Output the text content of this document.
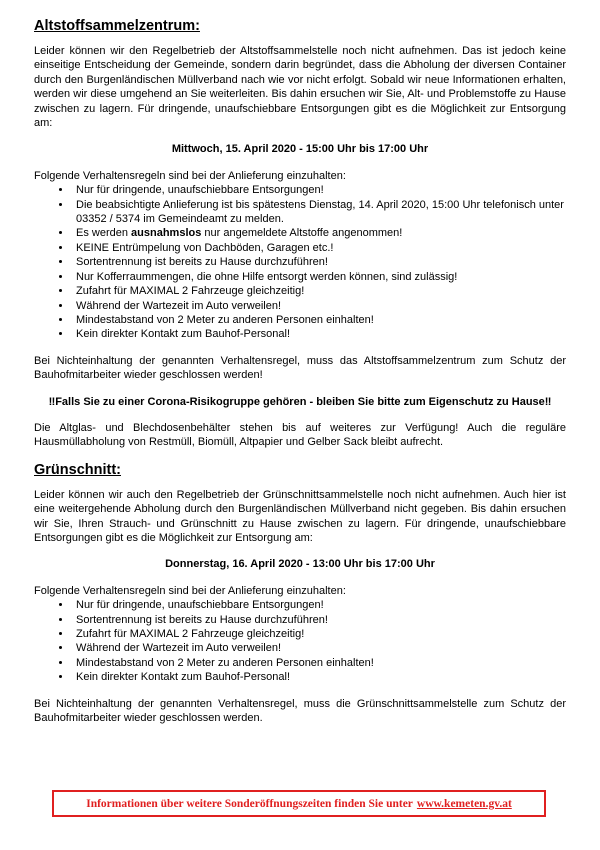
Altstoffsammelzentrum:

Leider können wir den Regelbetrieb der Altstoffsammelstelle noch nicht aufnehmen. Das ist jedoch keine einseitige Entscheidung der Gemeinde, sondern darin begründet, dass die Abholung der diversen Container durch den Burgenländischen Müllverband nach wie vor nicht erfolgt. Sobald wir neue Informationen erhalten, werden wir diese umgehend an Sie weiterleiten. Bis dahin ersuchen wir Sie, Alt- und Problemstoffe zu Hause zwischen zu lagern. Für dringende, unaufschiebbare Entsorgungen gibt es die Möglichkeit zur Entsorgung am:

Mittwoch, 15. April 2020 - 15:00 Uhr bis 17:00 Uhr

Folgende Verhaltensregeln sind bei der Anlieferung einzuhalten:

• Nur für dringende, unaufschiebbare Entsorgungen!
• Die beabsichtigte Anlieferung ist bis spätestens Dienstag, 14. April 2020, 15:00 Uhr telefonisch unter 03352 / 5374 im Gemeindeamt zu melden.
• Es werden ausnahmslos nur angemeldete Altstoffe angenommen!
• KEINE Entrümpelung von Dachböden, Garagen etc.!
• Sortentrennung ist bereits zu Hause durchzuführen!
• Nur Kofferraummengen, die ohne Hilfe entsorgt werden können, sind zulässig!
• Zufahrt für MAXIMAL 2 Fahrzeuge gleichzeitig!
• Während der Wartezeit im Auto verweilen!
• Mindestabstand von 2 Meter zu anderen Personen einhalten!
• Kein direkter Kontakt zum Bauhof-Personal!

Bei Nichteinhaltung der genannten Verhaltensregel, muss das Altstoffsammelzentrum zum Schutz der Bauhofmitarbeiter wieder geschlossen werden!

‼Falls Sie zu einer Corona-Risikogruppe gehören - bleiben Sie bitte zum Eigenschutz zu Hause‼

Die Altglas- und Blechdosenbehälter stehen bis auf weiteres zur Verfügung! Auch die reguläre Hausmüllabholung von Restmüll, Biomüll, Altpapier und Gelber Sack bleibt aufrecht.

Grünschnitt:

Leider können wir auch den Regelbetrieb der Grünschnittsammelstelle noch nicht aufnehmen. Auch hier ist eine weitergehende Abholung durch den Burgenländischen Müllverband nicht gegeben. Bis dahin ersuchen wir Sie, Ihren Strauch- und Grünschnitt zu Hause zwischen zu lagern. Für dringende, unaufschiebbare Entsorgungen gibt es die Möglichkeit zur Entsorgung am:

Donnerstag, 16. April 2020 - 13:00 Uhr bis 17:00 Uhr

Folgende Verhaltensregeln sind bei der Anlieferung einzuhalten:

• Nur für dringende, unaufschiebbare Entsorgungen!
• Sortentrennung ist bereits zu Hause durchzuführen!
• Zufahrt für MAXIMAL 2 Fahrzeuge gleichzeitig!
• Während der Wartezeit im Auto verweilen!
• Mindestabstand von 2 Meter zu anderen Personen einhalten!
• Kein direkter Kontakt zum Bauhof-Personal!

Bei Nichteinhaltung der genannten Verhaltensregel, muss die Grünschnittsammelstelle zum Schutz der Bauhofmitarbeiter wieder geschlossen werden.

Informationen über weitere Sonderöffnungszeiten finden Sie unter www.kemeten.gv.at
